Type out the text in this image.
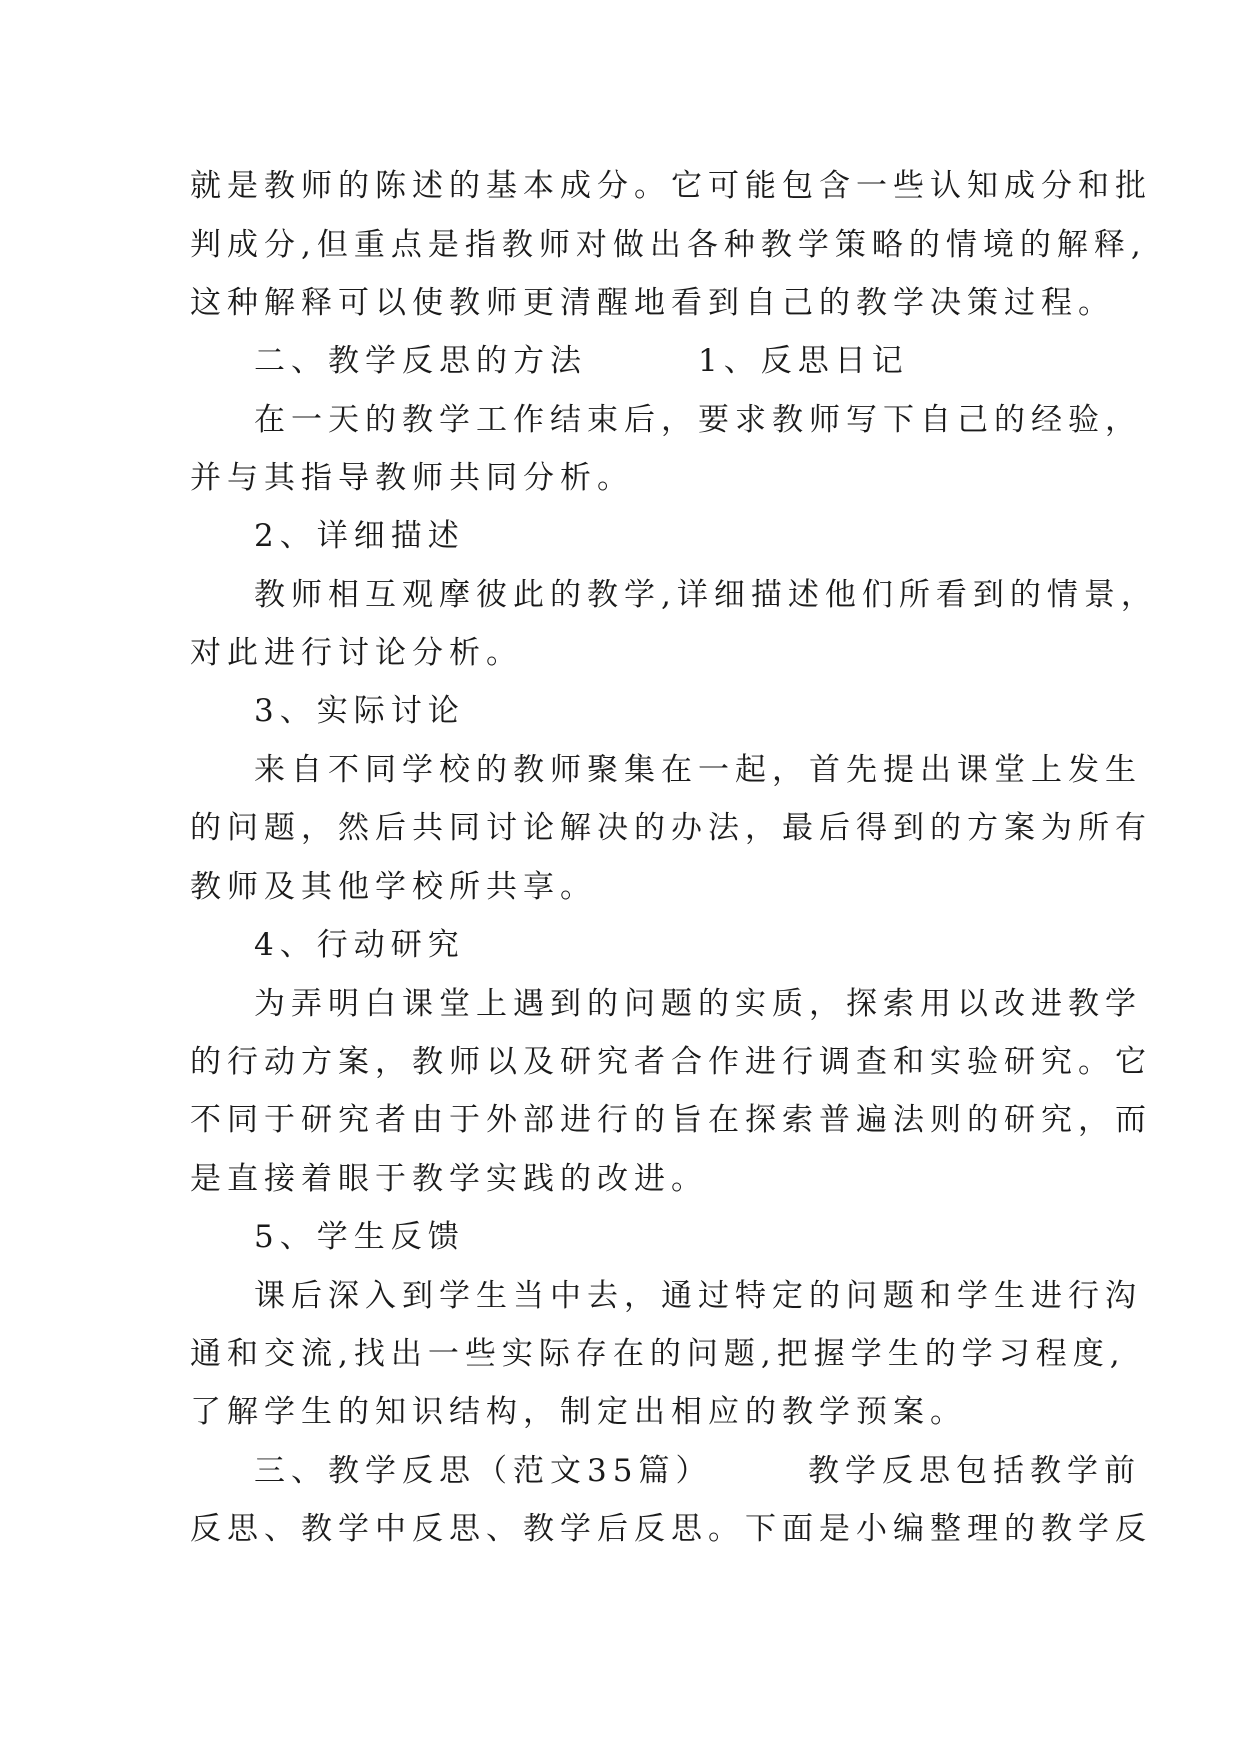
就是教师的陈述的基本成分。它可能包含一些认知成分和批
判成分,但重点是指教师对做出各种教学策略的情境的解释,
这种解释可以使教师更清醒地看到自己的教学决策过程。
二、教学反思的方法　　　1、反思日记
在一天的教学工作结束后，要求教师写下自己的经验，
并与其指导教师共同分析。
2、详细描述
教师相互观摩彼此的教学,详细描述他们所看到的情景，
对此进行讨论分析。
3、实际讨论
来自不同学校的教师聚集在一起，首先提出课堂上发生
的问题，然后共同讨论解决的办法，最后得到的方案为所有
教师及其他学校所共享。
4、行动研究
为弄明白课堂上遇到的问题的实质，探索用以改进教学
的行动方案，教师以及研究者合作进行调查和实验研究。它
不同于研究者由于外部进行的旨在探索普遍法则的研究，而
是直接着眼于教学实践的改进。
5、学生反馈
课后深入到学生当中去，通过特定的问题和学生进行沟
通和交流,找出一些实际存在的问题,把握学生的学习程度,
了解学生的知识结构，制定出相应的教学预案。
三、教学反思（范文35篇）　　　教学反思包括教学前
反思、教学中反思、教学后反思。下面是小编整理的教学反
